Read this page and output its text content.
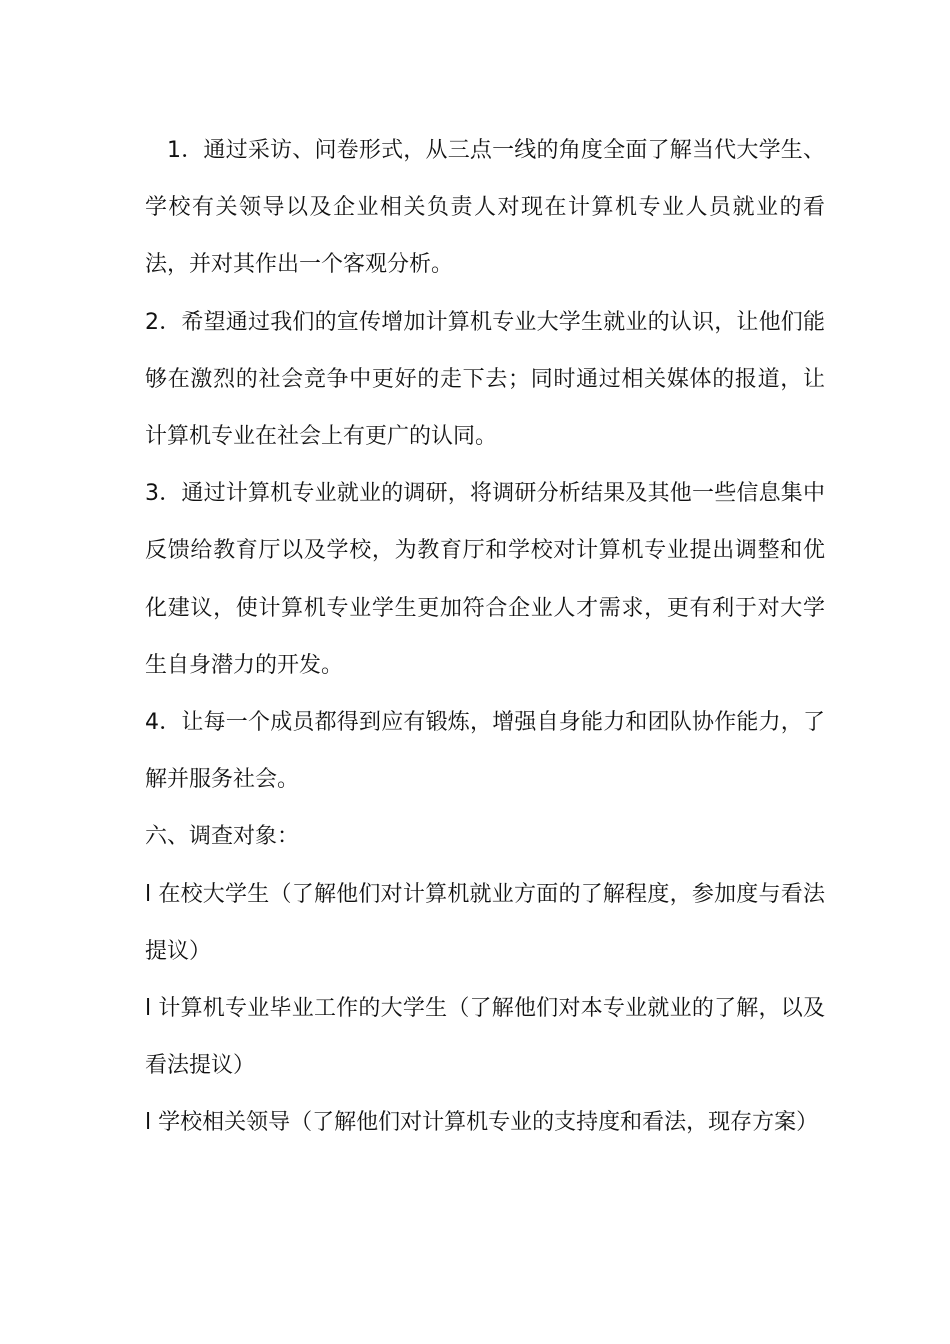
1．通过采访、问卷形式，从三点一线的角度全面了解当代大学生、学校有关领导以及企业相关负责人对现在计算机专业人员就业的看法，并对其作出一个客观分析。

2．希望通过我们的宣传增加计算机专业大学生就业的认识，让他们能够在激烈的社会竞争中更好的走下去；同时通过相关媒体的报道，让计算机专业在社会上有更广的认同。

3．通过计算机专业就业的调研，将调研分析结果及其他一些信息集中反馈给教育厅以及学校，为教育厅和学校对计算机专业提出调整和优化建议，使计算机专业学生更加符合企业人才需求，更有利于对大学生自身潜力的开发。

4．让每一个成员都得到应有锻炼，增强自身能力和团队协作能力，了解并服务社会。

六、调查对象：

l 在校大学生（了解他们对计算机就业方面的了解程度，参加度与看法提议）

l 计算机专业毕业工作的大学生（了解他们对本专业就业的了解，以及看法提议）

l 学校相关领导（了解他们对计算机专业的支持度和看法，现存方案）
